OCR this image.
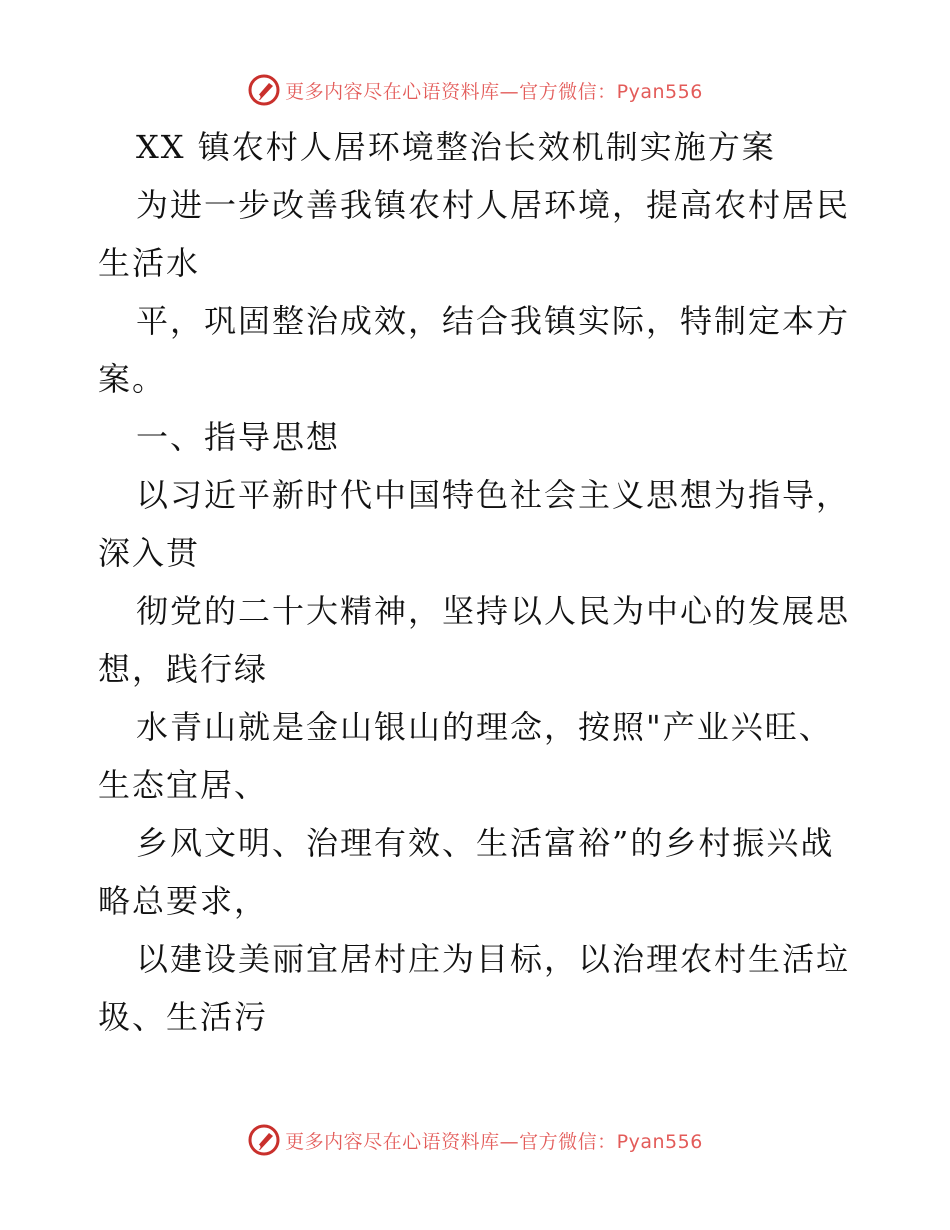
更多内容尽在心语资料库—官方微信：Pyan556
XX 镇农村人居环境整治长效机制实施方案
为进一步改善我镇农村人居环境，提高农村居民
生活水
平，巩固整治成效，结合我镇实际，特制定本方
案。
一、指导思想
以习近平新时代中国特色社会主义思想为指导，
深入贯
彻党的二十大精神，坚持以人民为中心的发展思
想，践行绿
水青山就是金山银山的理念，按照"产业兴旺、
生态宜居、
乡风文明、治理有效、生活富裕”的乡村振兴战
略总要求，
以建设美丽宜居村庄为目标，以治理农村生活垃
圾、生活污
更多内容尽在心语资料库—官方微信：Pyan556
